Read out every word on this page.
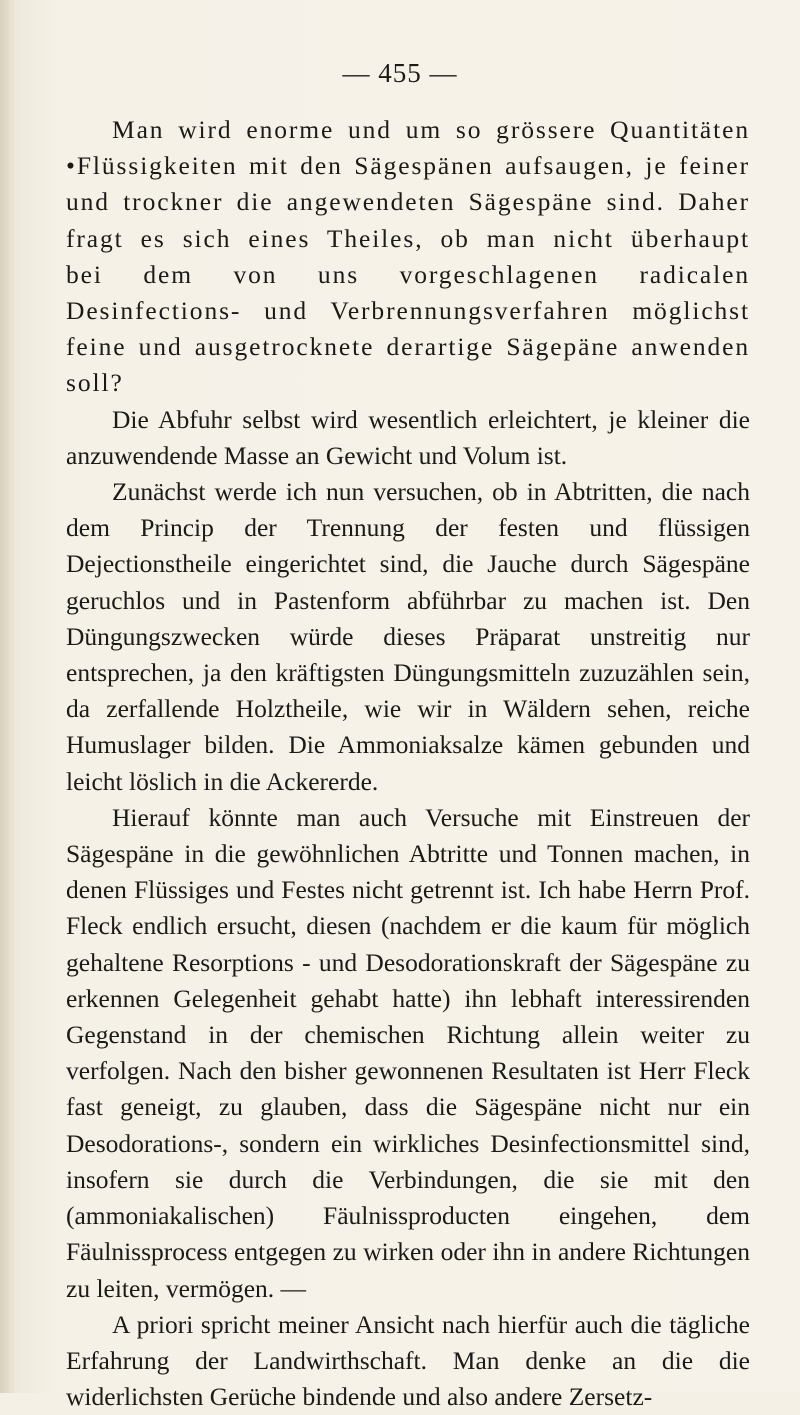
— 455 —

Man wird enorme und um so grössere Quantitäten •Flüssigkeiten mit den Sägespänen aufsaugen, je feiner und trockner die angewendeten Sägespäne sind. Daher fragt es sich eines Theiles, ob man nicht überhaupt bei dem von uns vorgeschlagenen radicalen Desinfections- und Verbrennungsverfahren möglichst feine und ausgetrocknete derartige Sägepäne anwenden soll?

Die Abfuhr selbst wird wesentlich erleichtert, je kleiner die anzuwendende Masse an Gewicht und Volum ist.

Zunächst werde ich nun versuchen, ob in Abtritten, die nach dem Princip der Trennung der festen und flüssigen Dejectionstheile eingerichtet sind, die Jauche durch Sägespäne geruchlos und in Pastenform abführbar zu machen ist. Den Düngungszwecken würde dieses Präparat unstreitig nur entsprechen, ja den kräftigsten Düngungsmitteln zuzuzählen sein, da zerfallende Holztheile, wie wir in Wäldern sehen, reiche Humuslager bilden. Die Ammoniaksalze kämen gebunden und leicht löslich in die Ackererde.

Hierauf könnte man auch Versuche mit Einstreuen der Sägespäne in die gewöhnlichen Abtritte und Tonnen machen, in denen Flüssiges und Festes nicht getrennt ist. Ich habe Herrn Prof. Fleck endlich ersucht, diesen (nachdem er die kaum für möglich gehaltene Resorptions - und Desodorationskraft der Sägespäne zu erkennen Gelegenheit gehabt hatte) ihn lebhaft interessirenden Gegenstand in der chemischen Richtung allein weiter zu verfolgen. Nach den bisher gewonnenen Resultaten ist Herr Fleck fast geneigt, zu glauben, dass die Sägespäne nicht nur ein Desodorations-, sondern ein wirkliches Desinfectionsmittel sind, insofern sie durch die Verbindungen, die sie mit den (ammoniakalischen) Fäulnissproducten eingehen, dem Fäulnissprocess entgegen zu wirken oder ihn in andere Richtungen zu leiten, vermögen. —

A priori spricht meiner Ansicht nach hierfür auch die tägliche Erfahrung der Landwirthschaft. Man denke an die die widerlichsten Gerüche bindende und also andere Zersetz-
